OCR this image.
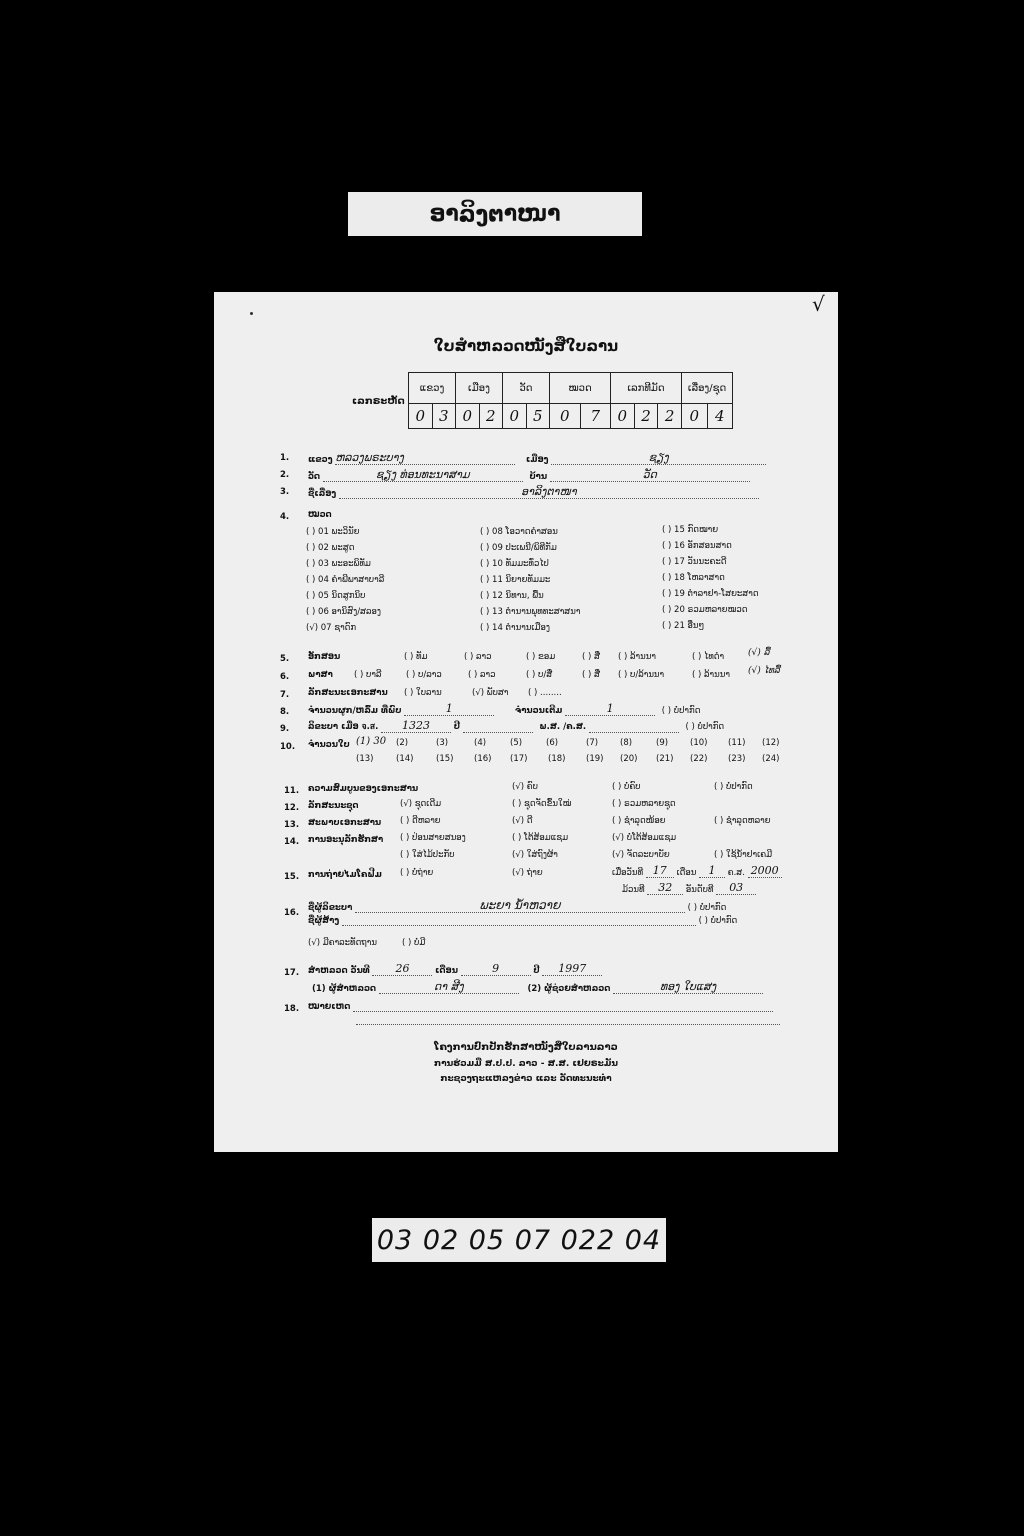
ອາລິງຕາໜາ
√
ໃບສຳຫລວດໜັງສືໃບລານ
ເລກຣະຫັດ
ແຂວງ		ເມືອງ		ວັດ		ໝວດ		ເລກທີມັດ			ເລື່ອງ/ຊຸດ	
0	3	0	2	0	5	0	7	0	2	2	0	4
1. ແຂວງ ຫລວງພຣະບາງ	ເມືອງ	ຊຽງ
2. ວັດ	ຊຽງ ທ່ອນທະນາສາມ	ບ້ານ	ວັດ
3. ຊື່ເລື່ອງ	ອາລິງຕາໜາ
4. ໝວດ
( ) 01 ພະວິນັຍ
( ) 02 ພະສູດ
( ) 03 ພະອະພິທັມ
( ) 04 ຄຳພີພາສາບາລີ
( ) 05 ນິດສູກນິບ
( ) 06 ອານິສົງ/ສລອງ
(√) 07 ຊາດົກ
( ) 08 ໂອວາດຄຳສອນ
( ) 09 ປະເພນີ/ພິທີກັມ
( ) 10 ທັມມະທົ່ວໄປ
( ) 11 ນິຍາຍທັມມະ
( ) 12 ນິທານ, ພື້ນ
( ) 13 ຕຳນານພຸທທະສາສນາ
( ) 14 ຕຳນານເມືອງ
( ) 15 ກົດໝາຍ
( ) 16 ອັກສອນສາດ
( ) 17 ວັນນະຄະດີ
( ) 18 ໂຫລາສາດ
( ) 19 ຕຳລາຢາ-ໂສຍະສາດ
( ) 20 ຣວມຫລາຍໝວດ
( ) 21 ອື່ນໆ
5. ອັກສອນ	( ) ທັມ	( ) ລາວ	( ) ຂອມ	( ) ສື່ ( ) ລ້ານນາ	( ) ໄທດຳ	(√) ລື້
6. ພາສາ ( ) ບາລີ	( ) ບ/ລາວ	( ) ລາວ	( ) ບ/ສື່	( ) ສື່ ( ) ບ/ລ້ານນາ	( ) ລ້ານນາ (√) ໄທລື້
7. ລັກສະນະເອກະສານ ( ) ໃບລານ	(√) ພັບສາ ( ) ........
8. ຈຳນວນຜູກ/ຫລົ້ມ ທີ່ພົບ	1	ຈຳນວນເຕີມ	1	( ) ບໍ່ປາກົດ
9. ລິຂະບາ ເມື່ອ จ.ส. 1323	ປີ	ພ.ສ. /ຄ.ສ.	( ) ບໍ່ປາກົດ
10. ຈຳນວນໃບ (1) 30 (2)	(3)	(4)	(5)	(6)	(7)	(8)	(9)	(10) (11) (12)
(13)	(14)	(15) (16) (17) (18) (19) (20) (21) (22) (23) (24)
11. ຄວາມສົມບູນຂອງເອກະສານ	(√) ຄົບ	( ) ບໍ່ຄົບ	( ) ບໍ່ປາກົດ
12. ລັກສະນະຊຸດ	(√) ຊຸດເດີມ	( ) ຊຸດຈັດຂຶ້ນໃໝ່	( ) ຣວມຫລາຍຊຸດ
13. ສະພາບເອກະສານ ( ) ດີຫລາຍ	(√) ດີ	( ) ຊຳລຸດໜ້ອຍ	( ) ຊຳລຸດຫລາຍ
14. ການອະນຸລັກຮັກສາ ( ) ປ່ອນສາຍສນອງ	( ) ໂຕ້ສ້ອມແຊມ	(√) ບໍ່ໂຕ້ສ້ອມແຊມ
( ) ໃຊ້ນ້ຳຢາເຄມີ
( ) ໃສ່ໄມ້ປະກັບ	(√) ໃສ່ຖົງຜ້າ	(√) ຈັດລະບາບັຍ
15. ການຖ່າຍໄມໂຄຟີມ ( ) ບໍ່ຖ່າຍ	(√) ຖ່າຍ	ເມື່ອວັນທີ 17 ເດືອນ 1 ຄ.ສ. 2000
ມ້ວນທີ 32 ອັນດັບທີ 03
16. ຊື່ຜູ້ລິຂະບາ	ພະຍາ ນ້ຳຫວາຍ	( ) ບໍ່ປາກົດ
ຊື່ຜູ້ສ້າງ	( ) ບໍ່ປາກົດ
(√) ມີຄາລະທັດຖານ	( ) ບໍ່ມີ
17. ສຳຫລວດ ວັນທີ 26	ເດືອນ	9	ປີ 1997
(1) ຜູ້ສຳຫລວດ	ດາ ສີງ	(2) ຜູ້ຊ່ວຍສຳຫລວດ	ທອງ ໃບແສງ
18. ໝາຍເຫດ
ໂຄງການປົກປັກຮັກສາໜັງສືໃບລານລາວ
ການຮ່ວມມື ສ.ປ.ປ. ລາວ - ສ.ສ. ເຢຍຣະມັນ
ກະຊວງຖະແຫລງຂ່າວ ແລະ ວັດທະນະທຳ
03 02 05 07 022 04
